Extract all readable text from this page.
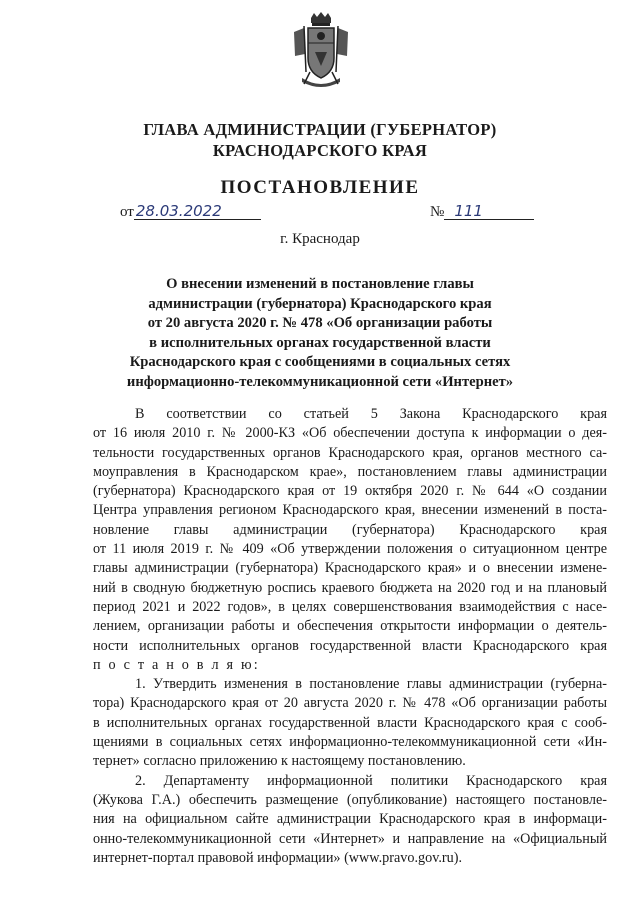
ГЛАВА АДМИНИСТРАЦИИ (ГУБЕРНАТОР)
КРАСНОДАРСКОГО КРАЯ
ПОСТАНОВЛЕНИЕ
от 28.03.2022	№ 111
г. Краснодар
О внесении изменений в постановление главы
администрации (губернатора) Краснодарского края
от 20 августа 2020 г. № 478 «Об организации работы
в исполнительных органах государственной власти
Краснодарского края с сообщениями в социальных сетях
информационно-телекоммуникационной сети «Интернет»
В соответствии со статьей 5 Закона Краснодарского края
от 16 июля 2010 г. № 2000-КЗ «Об обеспечении доступа к информации о дея-
тельности государственных органов Краснодарского края, органов местного са-
моуправления в Краснодарском крае», постановлением главы администрации
(губернатора) Краснодарского края от 19 октября 2020 г. № 644 «О создании
Центра управления регионом Краснодарского края, внесении изменений в поста-
новление главы администрации (губернатора) Краснодарского края
от 11 июля 2019 г. № 409 «Об утверждении положения о ситуационном центре
главы администрации (губернатора) Краснодарского края» и о внесении измене-
ний в сводную бюджетную роспись краевого бюджета на 2020 год и на плановый
период 2021 и 2022 годов», в целях совершенствования взаимодействия с насе-
лением, организации работы и обеспечения открытости информации о деятель-
ности исполнительных органов государственной власти Краснодарского края
п о с т а н о в л я ю:
1. Утвердить изменения в постановление главы администрации (губерна-
тора) Краснодарского края от 20 августа 2020 г. № 478 «Об организации работы
в исполнительных органах государственной власти Краснодарского края с сооб-
щениями в социальных сетях информационно-телекоммуникационной сети «Ин-
тернет» согласно приложению к настоящему постановлению.
2. Департаменту информационной политики Краснодарского края
(Жукова Г.А.) обеспечить размещение (опубликование) настоящего постановле-
ния на официальном сайте администрации Краснодарского края в информаци-
онно-телекоммуникационной сети «Интернет» и направление на «Официальный
интернет-портал правовой информации» (www.pravo.gov.ru).
